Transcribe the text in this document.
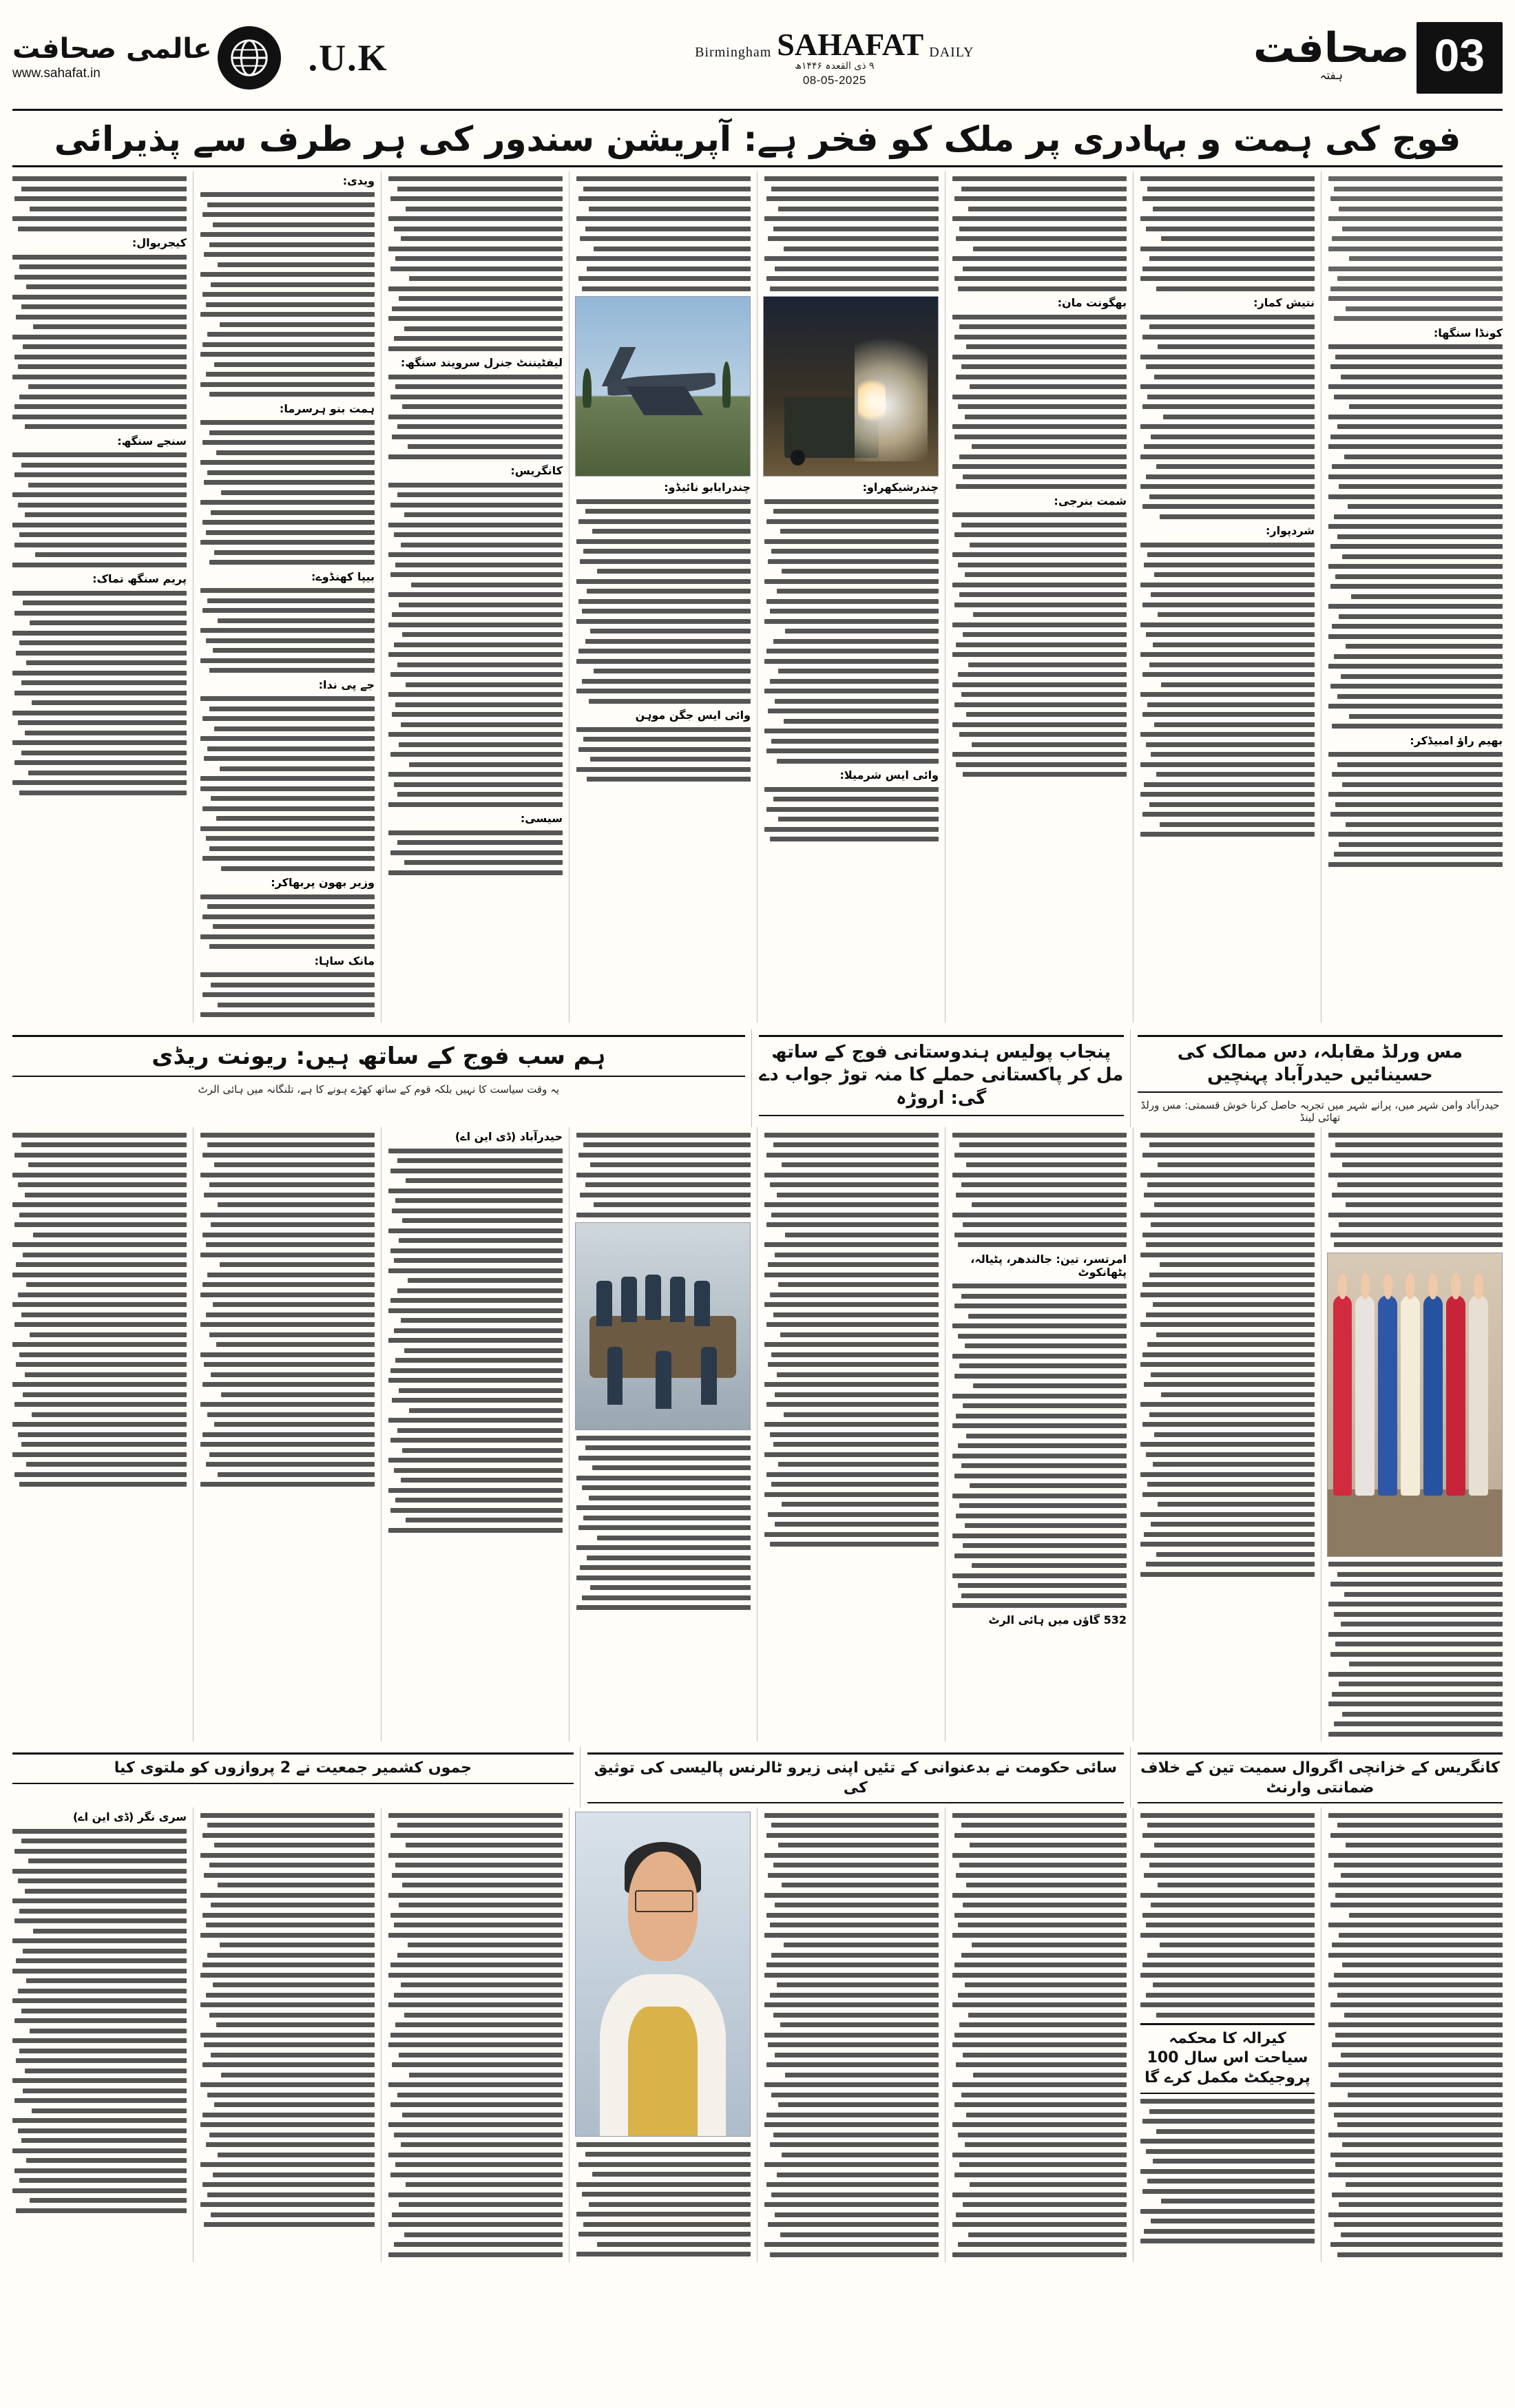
03
صحافت
ہفتہ
DAILY
SAHAFAT
Birmingham
۹ ذی القعدہ ۱۴۴۶ھ
08-05-2025
U.K.
عالمی صحافت
www.sahafat.in
فوج کی ہمت و بہادری پر ملک کو فخر ہے: آپریشن سندور کی ہر طرف سے پذیرائی
کونڈا سنگھا:
بھیم راؤ امبیڈکر:
نتیش کمار:
شردپوار:
بھگونت مان:
شمت بنرجی:
چندرشیکھراو:
وائی ایس شرمیلا:
چندرابابو نائیڈو:
وائی ایس جگن موہن
لیفٹیننٹ جنرل سرویند سنگھ:
کانگریس:
سیسی:
ویدی:
ہمت بنو ہرسرما:
بیپا کھنڈوے:
جے پی ندا:
وزیر بھون پربھاکر:
مانک ساہا:
کیجریوال:
سنجے سنگھ:
پریم سنگھ تماک:
مس ورلڈ مقابلہ، دس ممالک کی حسینائیں حیدرآباد پہنچیں
حیدرآباد وامن شہر میں، پرانے شہر میں تجربہ حاصل کرنا خوش قسمتی: مس ورلڈ تھائی لینڈ
پنجاب پولیس ہندوستانی فوج کے ساتھ مل کر پاکستانی حملے کا منہ توڑ جواب دے گی: اروڑہ
ہم سب فوج کے ساتھ ہیں: ریونت ریڈی
یہ وقت سیاست کا نہیں بلکہ قوم کے ساتھ کھڑے ہونے کا ہے، تلنگانہ میں ہائی الرٹ
امرتسر، تین: جالندھر، پٹیالہ، پٹھانکوٹ
532 گاؤں میں ہائی الرٹ
حیدرآباد (ڈی این اے)
کانگریس کے خزانچی اگروال سمیت تین کے خلاف ضمانتی وارنٹ
سائی حکومت نے بدعنوانی کے تئیں اپنی زیرو ٹالرنس پالیسی کی توثیق کی
جموں کشمیر جمعیت نے 2 پروازوں کو ملتوی کیا
کیرالہ کا محکمہ سیاحت اس سال 100 پروجیکٹ مکمل کرے گا
سری نگر (ڈی این اے)
